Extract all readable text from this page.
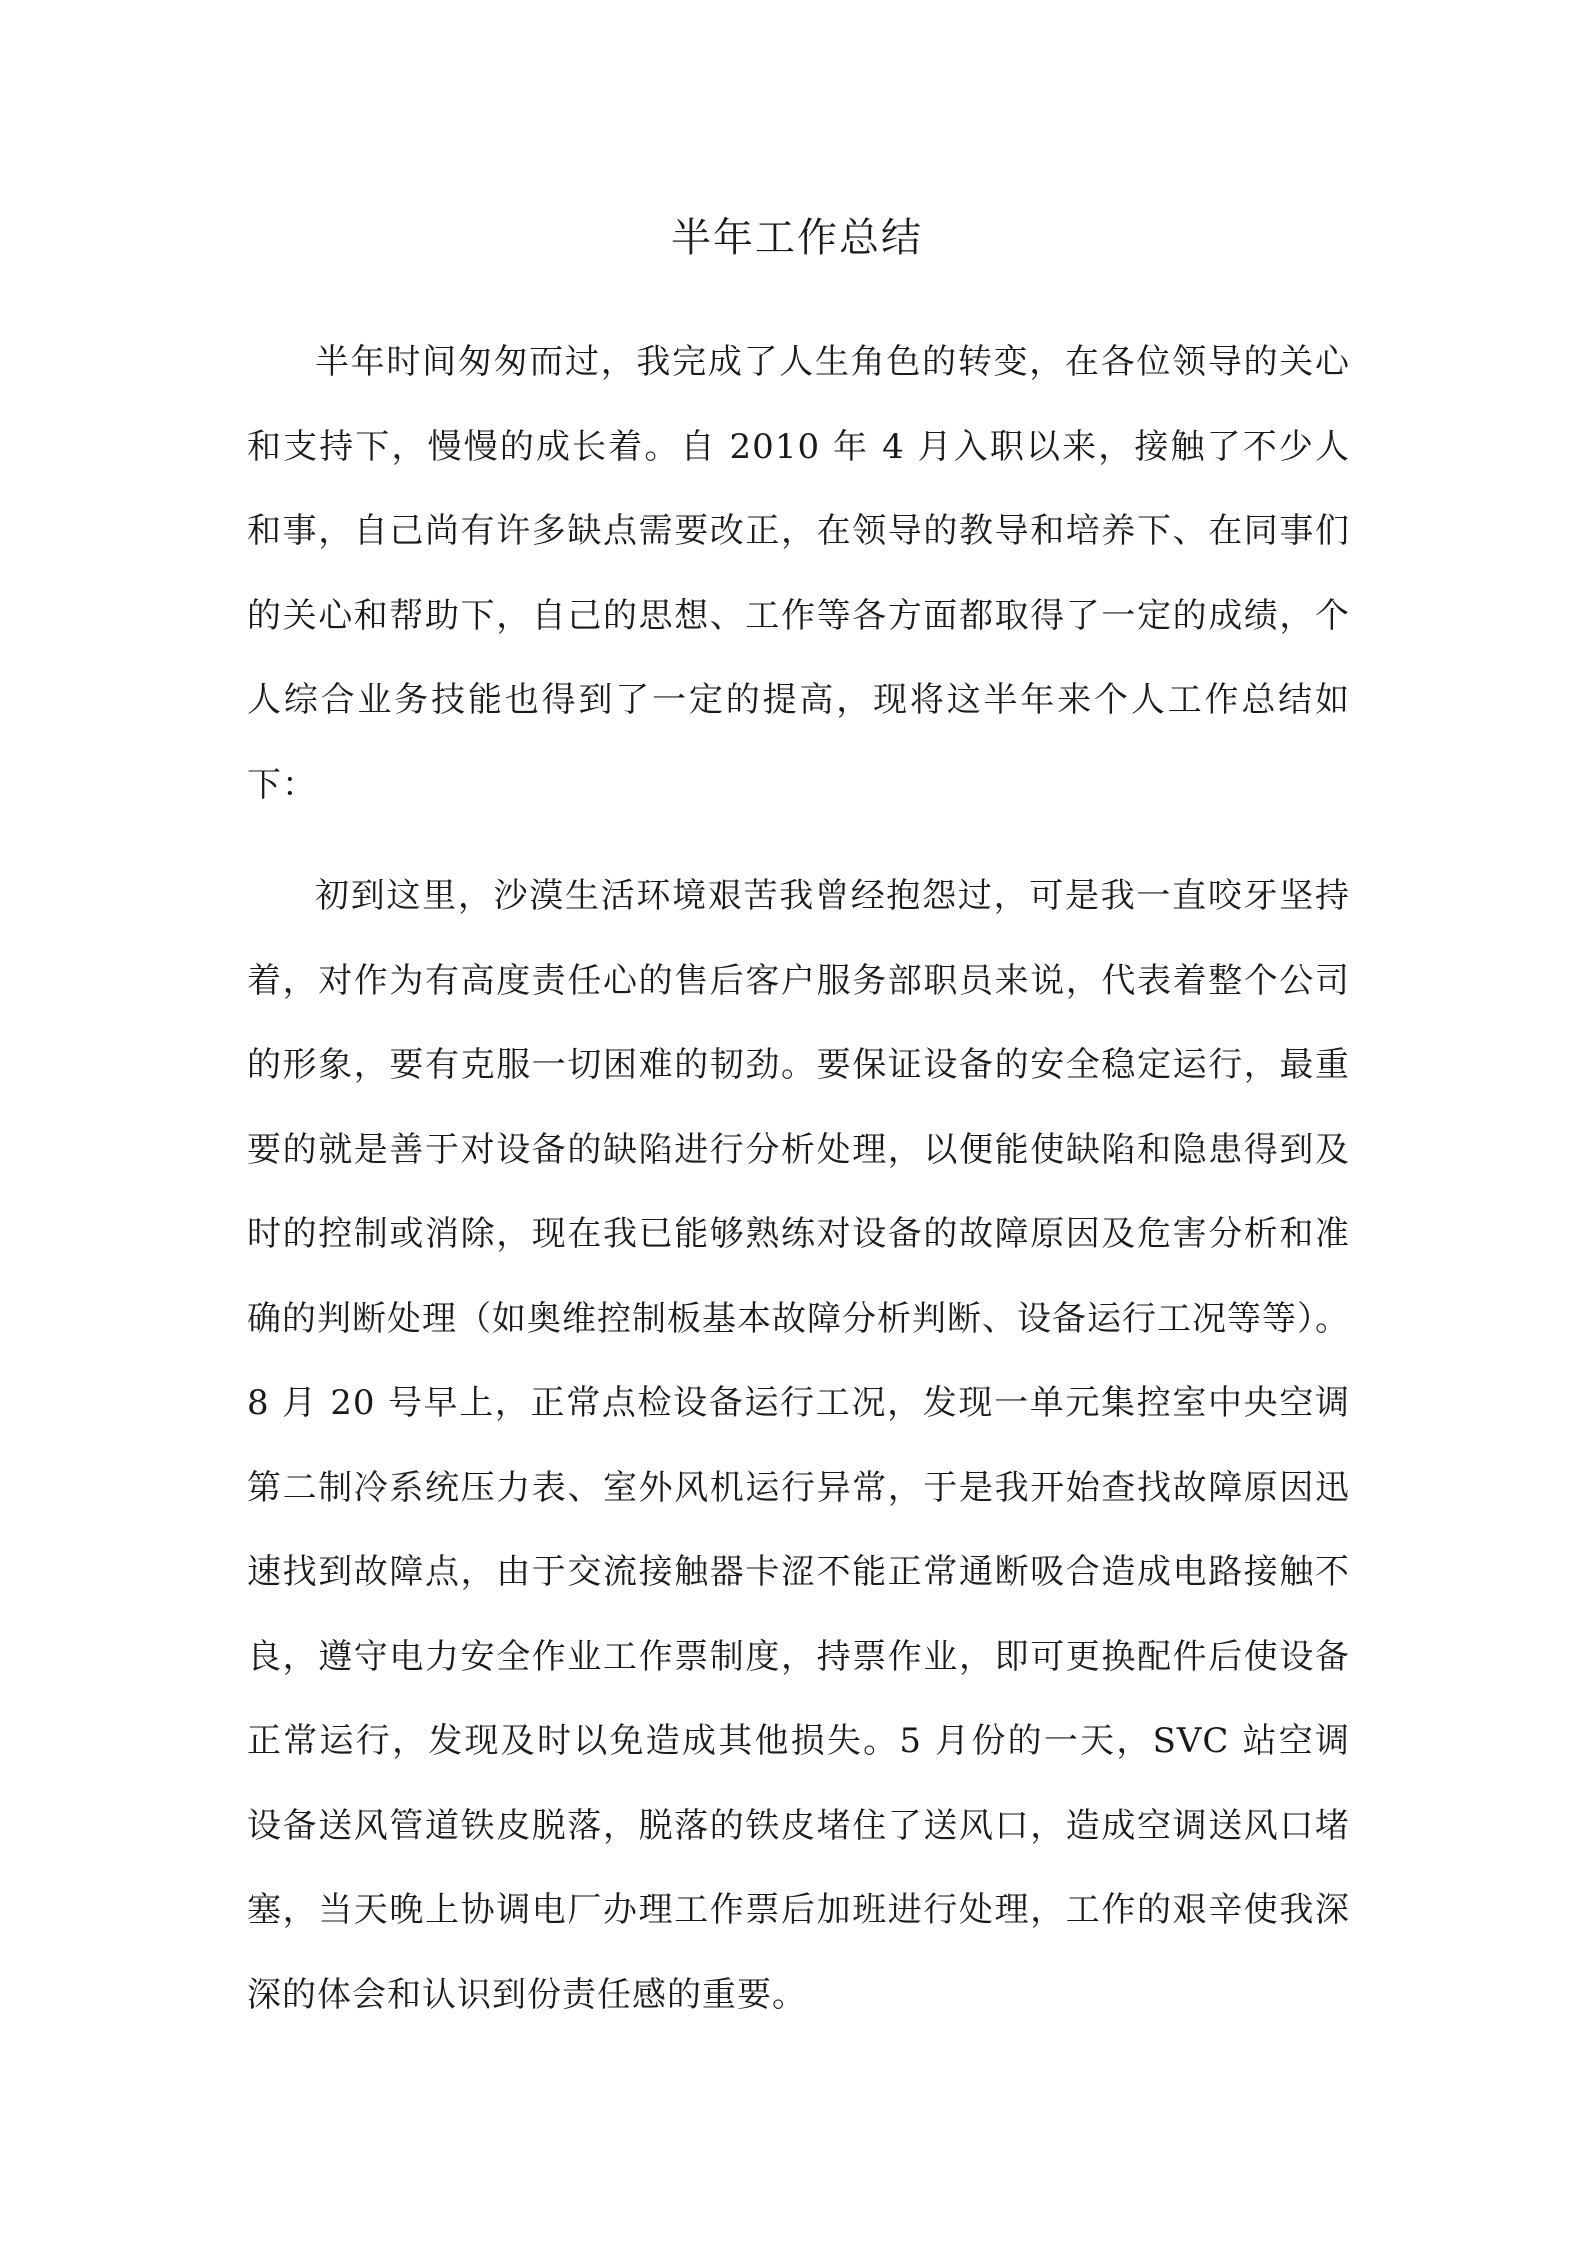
半年工作总结

半年时间匆匆而过，我完成了人生角色的转变，在各位领导的关心和支持下，慢慢的成长着。自 2010 年 4 月入职以来，接触了不少人和事，自己尚有许多缺点需要改正，在领导的教导和培养下、在同事们的关心和帮助下，自己的思想、工作等各方面都取得了一定的成绩，个人综合业务技能也得到了一定的提高，现将这半年来个人工作总结如下：

初到这里，沙漠生活环境艰苦我曾经抱怨过，可是我一直咬牙坚持着，对作为有高度责任心的售后客户服务部职员来说，代表着整个公司的形象，要有克服一切困难的韧劲。要保证设备的安全稳定运行，最重要的就是善于对设备的缺陷进行分析处理，以便能使缺陷和隐患得到及时的控制或消除，现在我已能够熟练对设备的故障原因及危害分析和准确的判断处理（如奥维控制板基本故障分析判断、设备运行工况等等）。8 月 20 号早上，正常点检设备运行工况，发现一单元集控室中央空调第二制冷系统压力表、室外风机运行异常，于是我开始查找故障原因迅速找到故障点，由于交流接触器卡涩不能正常通断吸合造成电路接触不良，遵守电力安全作业工作票制度，持票作业，即可更换配件后使设备正常运行，发现及时以免造成其他损失。5 月份的一天，SVC 站空调设备送风管道铁皮脱落，脱落的铁皮堵住了送风口，造成空调送风口堵塞，当天晚上协调电厂办理工作票后加班进行处理，工作的艰辛使我深深的体会和认识到份责任感的重要。
